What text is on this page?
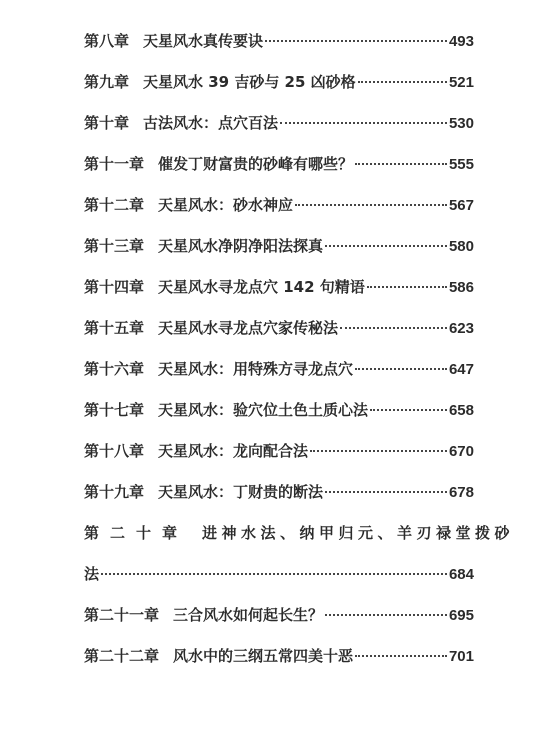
第八章 天星风水真传要诀	493
第九章 天星风水 39 吉砂与 25 凶砂格	521
第十章 古法风水：点穴百法	530
第十一章 催发丁财富贵的砂峰有哪些？	555
第十二章 天星风水：砂水神应	567
第十三章 天星风水净阴净阳法探真	580
第十四章 天星风水寻龙点穴 142 句精语	586
第十五章 天星风水寻龙点穴家传秘法	623
第十六章 天星风水：用特殊方寻龙点穴	647
第十七章 天星风水：验穴位土色土质心法	658
第十八章 天星风水：龙向配合法	670
第十九章 天星风水：丁财贵的断法	678
第二十章 进神水法、纳甲归元、羊刃禄堂拨砂
法	684
第二十一章 三合风水如何起长生？	695
第二十二章 风水中的三纲五常四美十恶	701
